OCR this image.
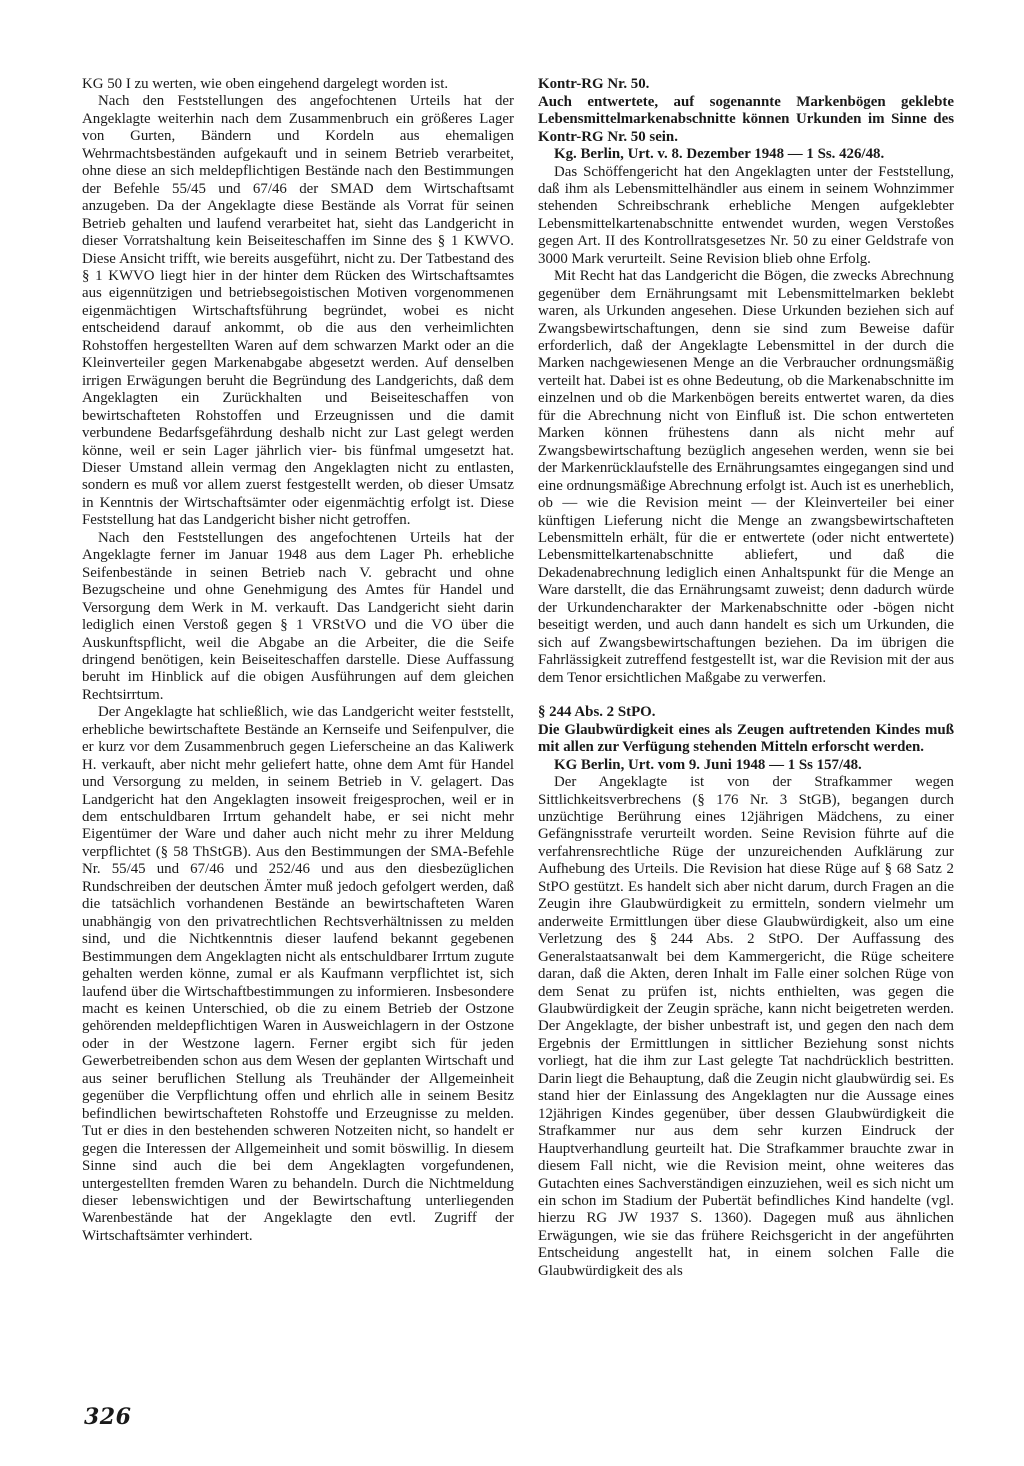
KG 50 I zu werten, wie oben eingehend dargelegt worden ist.

Nach den Feststellungen des angefochtenen Urteils hat der Angeklagte weiterhin nach dem Zusammenbruch ein größeres Lager von Gurten, Bändern und Kordeln aus ehemaligen Wehrmachtsbeständen aufgekauft und in seinem Betrieb verarbeitet, ohne diese an sich meldepflichtigen Bestände nach den Bestimmungen der Befehle 55/45 und 67/46 der SMAD dem Wirtschaftsamt anzugeben. Da der Angeklagte diese Bestände als Vorrat für seinen Betrieb gehalten und laufend verarbeitet hat, sieht das Landgericht in dieser Vorratshaltung kein Beiseiteschaffen im Sinne des § 1 KWVO. Diese Ansicht trifft, wie bereits ausgeführt, nicht zu. Der Tatbestand des § 1 KWVO liegt hier in der hinter dem Rücken des Wirtschaftsamtes aus eigennützigen und betriebsegoistischen Motiven vorgenommenen eigenmächtigen Wirtschaftsführung begründet, wobei es nicht entscheidend darauf ankommt, ob die aus den verheimlichten Rohstoffen hergestellten Waren auf dem schwarzen Markt oder an die Kleinverteiler gegen Markenabgabe abgesetzt werden. Auf denselben irrigen Erwägungen beruht die Begründung des Landgerichts, daß dem Angeklagten ein Zurückhalten und Beiseiteschaffen von bewirtschafteten Rohstoffen und Erzeugnissen und die damit verbundene Bedarfsgefährdung deshalb nicht zur Last gelegt werden könne, weil er sein Lager jährlich vier- bis fünfmal umgesetzt hat. Dieser Umstand allein vermag den Angeklagten nicht zu entlasten, sondern es muß vor allem zuerst festgestellt werden, ob dieser Umsatz in Kenntnis der Wirtschaftsämter oder eigenmächtig erfolgt ist. Diese Feststellung hat das Landgericht bisher nicht getroffen.

Nach den Feststellungen des angefochtenen Urteils hat der Angeklagte ferner im Januar 1948 aus dem Lager Ph. erhebliche Seifenbestände in seinen Betrieb nach V. gebracht und ohne Bezugscheine und ohne Genehmigung des Amtes für Handel und Versorgung dem Werk in M. verkauft. Das Landgericht sieht darin lediglich einen Verstoß gegen § 1 VRStVO und die VO über die Auskunftspflicht, weil die Abgabe an die Arbeiter, die die Seife dringend benötigen, kein Beiseiteschaffen darstelle. Diese Auffassung beruht im Hinblick auf die obigen Ausführungen auf dem gleichen Rechtsirrtum.

Der Angeklagte hat schließlich, wie das Landgericht weiter feststellt, erhebliche bewirtschaftete Bestände an Kernseife und Seifenpulver, die er kurz vor dem Zusammenbruch gegen Lieferscheine an das Kaliwerk H. verkauft, aber nicht mehr geliefert hatte, ohne dem Amt für Handel und Versorgung zu melden, in seinem Betrieb in V. gelagert. Das Landgericht hat den Angeklagten insoweit freigesprochen, weil er in dem entschuldbaren Irrtum gehandelt habe, er sei nicht mehr Eigentümer der Ware und daher auch nicht mehr zu ihrer Meldung verpflichtet (§ 58 ThStGB). Aus den Bestimmungen der SMA-Befehle Nr. 55/45 und 67/46 und 252/46 und aus den diesbezüglichen Rundschreiben der deutschen Ämter muß jedoch gefolgert werden, daß die tatsächlich vorhandenen Bestände an bewirtschafteten Waren unabhängig von den privatrechtlichen Rechtsverhältnissen zu melden sind, und die Nichtkenntnis dieser laufend bekannt gegebenen Bestimmungen dem Angeklagten nicht als entschuldbarer Irrtum zugute gehalten werden könne, zumal er als Kaufmann verpflichtet ist, sich laufend über die Wirtschaftbestimmungen zu informieren. Insbesondere macht es keinen Unterschied, ob die zu einem Betrieb der Ostzone gehörenden meldepflichtigen Waren in Ausweichlagern in der Ostzone oder in der Westzone lagern. Ferner ergibt sich für jeden Gewerbetreibenden schon aus dem Wesen der geplanten Wirtschaft und aus seiner beruflichen Stellung als Treuhänder der Allgemeinheit gegenüber die Verpflichtung offen und ehrlich alle in seinem Besitz befindlichen bewirtschafteten Rohstoffe und Erzeugnisse zu melden. Tut er dies in den bestehenden schweren Notzeiten nicht, so handelt er gegen die Interessen der Allgemeinheit und somit böswillig. In diesem Sinne sind auch die bei dem Angeklagten vorgefundenen, untergestellten fremden Waren zu behandeln. Durch die Nichtmeldung dieser lebenswichtigen und der Bewirtschaftung unterliegenden Warenbestände hat der Angeklagte den evtl. Zugriff der Wirtschaftsämter verhindert.

Kontr-RG Nr. 50.

Auch entwertete, auf sogenannte Markenbögen geklebte Lebensmittelmarkenabschnitte können Urkunden im Sinne des Kontr-RG Nr. 50 sein.

Kg. Berlin, Urt. v. 8. Dezember 1948 — 1 Ss. 426/48.

Das Schöffengericht hat den Angeklagten unter der Feststellung, daß ihm als Lebensmittelhändler aus einem in seinem Wohnzimmer stehenden Schreibschrank erhebliche Mengen aufgeklebter Lebensmittelkartenabschnitte entwendet wurden, wegen Verstoßes gegen Art. II des Kontrollratsgesetzes Nr. 50 zu einer Geldstrafe von 3000 Mark verurteilt. Seine Revision blieb ohne Erfolg.

Mit Recht hat das Landgericht die Bögen, die zwecks Abrechnung gegenüber dem Ernährungsamt mit Lebensmittelmarken beklebt waren, als Urkunden angesehen. Diese Urkunden beziehen sich auf Zwangsbewirtschaftungen, denn sie sind zum Beweise dafür erforderlich, daß der Angeklagte Lebensmittel in der durch die Marken nachgewiesenen Menge an die Verbraucher ordnungsmäßig verteilt hat. Dabei ist es ohne Bedeutung, ob die Markenabschnitte im einzelnen und ob die Markenbögen bereits entwertet waren, da dies für die Abrechnung nicht von Einfluß ist. Die schon entwerteten Marken können frühestens dann als nicht mehr auf Zwangsbewirtschaftung bezüglich angesehen werden, wenn sie bei der Markenrücklaufstelle des Ernährungsamtes eingegangen sind und eine ordnungsmäßige Abrechnung erfolgt ist. Auch ist es unerheblich, ob — wie die Revision meint — der Kleinverteiler bei einer künftigen Lieferung nicht die Menge an zwangsbewirtschafteten Lebensmitteln erhält, für die er entwertete (oder nicht entwertete) Lebensmittelkartenabschnitte abliefert, und daß die Dekadenabrechnung lediglich einen Anhaltspunkt für die Menge an Ware darstellt, die das Ernährungsamt zuweist; denn dadurch würde der Urkundencharakter der Markenabschnitte oder -bögen nicht beseitigt werden, und auch dann handelt es sich um Urkunden, die sich auf Zwangsbewirtschaftungen beziehen. Da im übrigen die Fahrlässigkeit zutreffend festgestellt ist, war die Revision mit der aus dem Tenor ersichtlichen Maßgabe zu verwerfen.

§ 244 Abs. 2 StPO.

Die Glaubwürdigkeit eines als Zeugen auftretenden Kindes muß mit allen zur Verfügung stehenden Mitteln erforscht werden.

KG Berlin, Urt. vom 9. Juni 1948 — 1 Ss 157/48.

Der Angeklagte ist von der Strafkammer wegen Sittlichkeitsverbrechens (§ 176 Nr. 3 StGB), begangen durch unzüchtige Berührung eines 12jährigen Mädchens, zu einer Gefängnisstrafe verurteilt worden. Seine Revision führte auf die verfahrensrechtliche Rüge der unzureichenden Aufklärung zur Aufhebung des Urteils. Die Revision hat diese Rüge auf § 68 Satz 2 StPO gestützt. Es handelt sich aber nicht darum, durch Fragen an die Zeugin ihre Glaubwürdigkeit zu ermitteln, sondern vielmehr um anderweite Ermittlungen über diese Glaubwürdigkeit, also um eine Verletzung des § 244 Abs. 2 StPO. Der Auffassung des Generalstaatsanwalt bei dem Kammergericht, die Rüge scheitere daran, daß die Akten, deren Inhalt im Falle einer solchen Rüge von dem Senat zu prüfen ist, nichts enthielten, was gegen die Glaubwürdigkeit der Zeugin spräche, kann nicht beigetreten werden. Der Angeklagte, der bisher unbestraft ist, und gegen den nach dem Ergebnis der Ermittlungen in sittlicher Beziehung sonst nichts vorliegt, hat die ihm zur Last gelegte Tat nachdrücklich bestritten. Darin liegt die Behauptung, daß die Zeugin nicht glaubwürdig sei. Es stand hier der Einlassung des Angeklagten nur die Aussage eines 12jährigen Kindes gegenüber, über dessen Glaubwürdigkeit die Strafkammer nur aus dem sehr kurzen Eindruck der Hauptverhandlung geurteilt hat. Die Strafkammer brauchte zwar in diesem Fall nicht, wie die Revision meint, ohne weiteres das Gutachten eines Sachverständigen einzuziehen, weil es sich nicht um ein schon im Stadium der Pubertät befindliches Kind handelte (vgl. hierzu RG JW 1937 S. 1360). Dagegen muß aus ähnlichen Erwägungen, wie sie das frühere Reichsgericht in der angeführten Entscheidung angestellt hat, in einem solchen Falle die Glaubwürdigkeit des als

326
